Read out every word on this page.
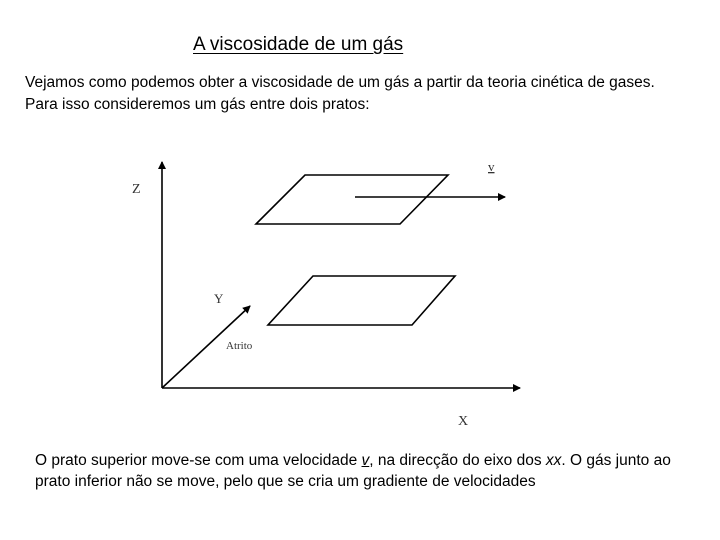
A viscosidade de um gás

Vejamos como podemos obter a viscosidade de um gás a partir da teoria cinética de gases.

Para isso consideremos um gás entre dois pratos:

Z
Y
X
v
Atrito
O prato superior move-se com uma velocidade v, na direcção do eixo dos xx. O gás junto ao prato inferior não se move, pelo que se cria um gradiente de velocidades
